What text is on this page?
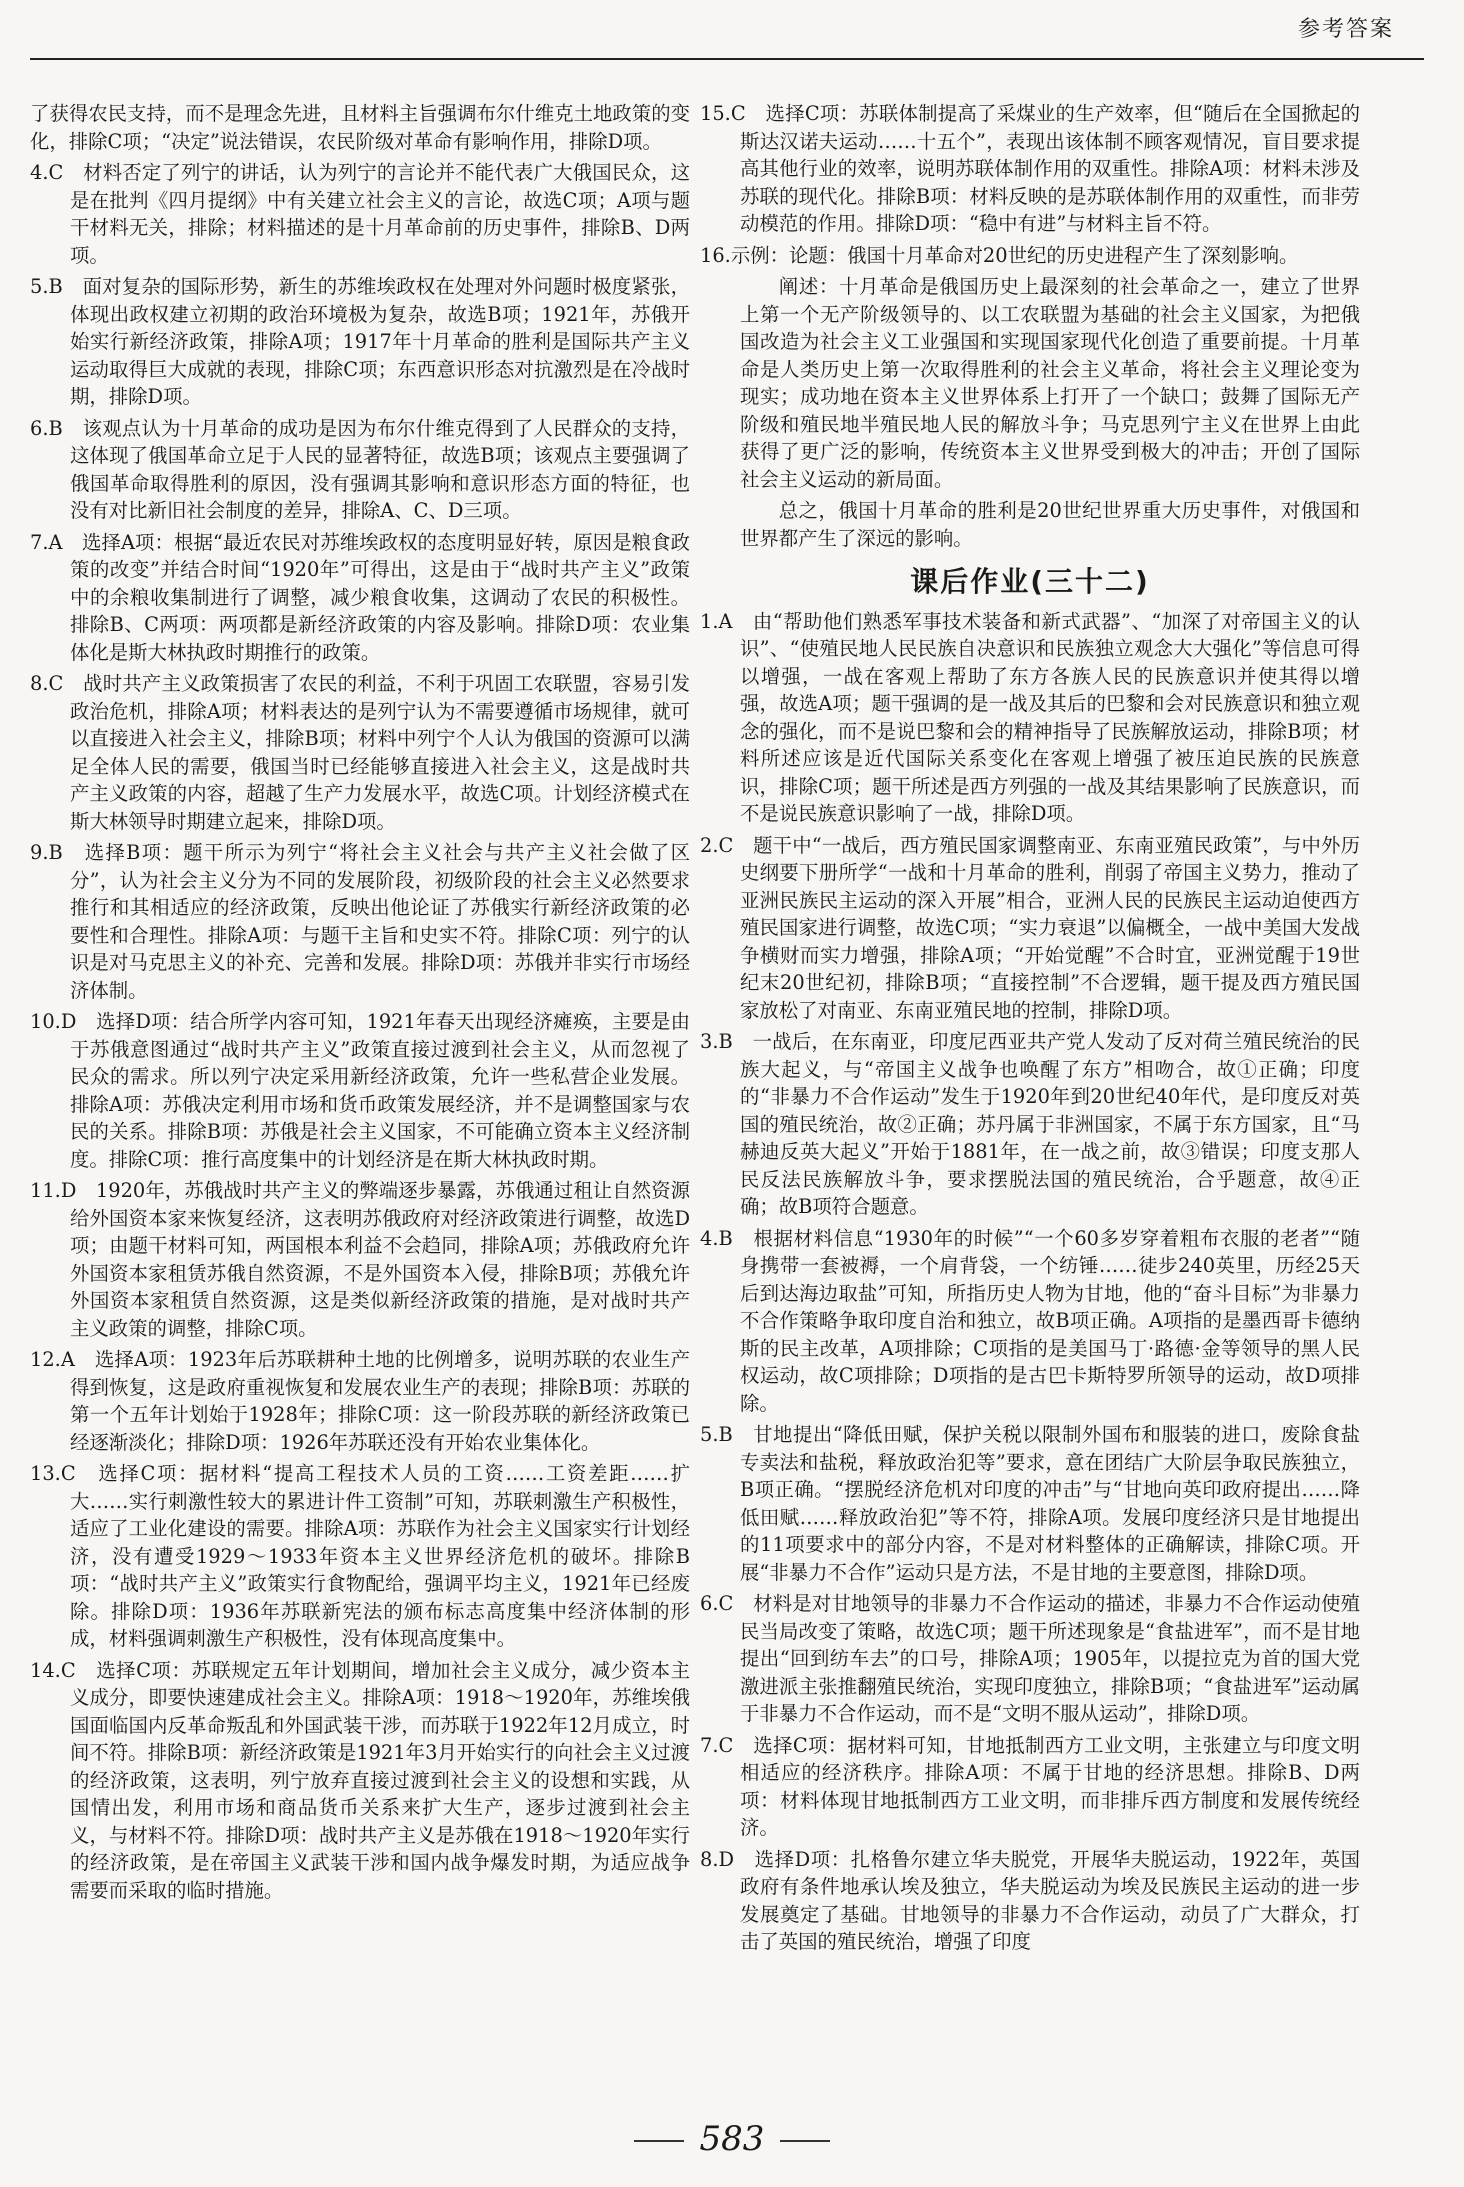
参考答案
了获得农民支持，而不是理念先进，且材料主旨强调布尔什维克土地政策的变化，排除C项；“决定”说法错误，农民阶级对革命有影响作用，排除D项。
4.C　材料否定了列宁的讲话，认为列宁的言论并不能代表广大俄国民众，这是在批判《四月提纲》中有关建立社会主义的言论，故选C项；A项与题干材料无关，排除；材料描述的是十月革命前的历史事件，排除B、D两项。
5.B　面对复杂的国际形势，新生的苏维埃政权在处理对外问题时极度紧张，体现出政权建立初期的政治环境极为复杂，故选B项；1921年，苏俄开始实行新经济政策，排除A项；1917年十月革命的胜利是国际共产主义运动取得巨大成就的表现，排除C项；东西意识形态对抗激烈是在冷战时期，排除D项。
6.B　该观点认为十月革命的成功是因为布尔什维克得到了人民群众的支持，这体现了俄国革命立足于人民的显著特征，故选B项；该观点主要强调了俄国革命取得胜利的原因，没有强调其影响和意识形态方面的特征，也没有对比新旧社会制度的差异，排除A、C、D三项。
7.A　选择A项：根据“最近农民对苏维埃政权的态度明显好转，原因是粮食政策的改变”并结合时间“1920年”可得出，这是由于“战时共产主义”政策中的余粮收集制进行了调整，减少粮食收集，这调动了农民的积极性。排除B、C两项：两项都是新经济政策的内容及影响。排除D项：农业集体化是斯大林执政时期推行的政策。
8.C　战时共产主义政策损害了农民的利益，不利于巩固工农联盟，容易引发政治危机，排除A项；材料表达的是列宁认为不需要遵循市场规律，就可以直接进入社会主义，排除B项；材料中列宁个人认为俄国的资源可以满足全体人民的需要，俄国当时已经能够直接进入社会主义，这是战时共产主义政策的内容，超越了生产力发展水平，故选C项。计划经济模式在斯大林领导时期建立起来，排除D项。
9.B　选择B项：题干所示为列宁“将社会主义社会与共产主义社会做了区分”，认为社会主义分为不同的发展阶段，初级阶段的社会主义必然要求推行和其相适应的经济政策，反映出他论证了苏俄实行新经济政策的必要性和合理性。排除A项：与题干主旨和史实不符。排除C项：列宁的认识是对马克思主义的补充、完善和发展。排除D项：苏俄并非实行市场经济体制。
10.D　选择D项：结合所学内容可知，1921年春天出现经济瘫痪，主要是由于苏俄意图通过“战时共产主义”政策直接过渡到社会主义，从而忽视了民众的需求。所以列宁决定采用新经济政策，允许一些私营企业发展。排除A项：苏俄决定利用市场和货币政策发展经济，并不是调整国家与农民的关系。排除B项：苏俄是社会主义国家，不可能确立资本主义经济制度。排除C项：推行高度集中的计划经济是在斯大林执政时期。
11.D　1920年，苏俄战时共产主义的弊端逐步暴露，苏俄通过租让自然资源给外国资本家来恢复经济，这表明苏俄政府对经济政策进行调整，故选D项；由题干材料可知，两国根本利益不会趋同，排除A项；苏俄政府允许外国资本家租赁苏俄自然资源，不是外国资本入侵，排除B项；苏俄允许外国资本家租赁自然资源，这是类似新经济政策的措施，是对战时共产主义政策的调整，排除C项。
12.A　选择A项：1923年后苏联耕种土地的比例增多，说明苏联的农业生产得到恢复，这是政府重视恢复和发展农业生产的表现；排除B项：苏联的第一个五年计划始于1928年；排除C项：这一阶段苏联的新经济政策已经逐渐淡化；排除D项：1926年苏联还没有开始农业集体化。
13.C　选择C项：据材料“提高工程技术人员的工资……工资差距……扩大……实行刺激性较大的累进计件工资制”可知，苏联刺激生产积极性，适应了工业化建设的需要。排除A项：苏联作为社会主义国家实行计划经济，没有遭受1929～1933年资本主义世界经济危机的破坏。排除B项：“战时共产主义”政策实行食物配给，强调平均主义，1921年已经废除。排除D项：1936年苏联新宪法的颁布标志高度集中经济体制的形成，材料强调刺激生产积极性，没有体现高度集中。
14.C　选择C项：苏联规定五年计划期间，增加社会主义成分，减少资本主义成分，即要快速建成社会主义。排除A项：1918～1920年，苏维埃俄国面临国内反革命叛乱和外国武装干涉，而苏联于1922年12月成立，时间不符。排除B项：新经济政策是1921年3月开始实行的向社会主义过渡的经济政策，这表明，列宁放弃直接过渡到社会主义的设想和实践，从国情出发，利用市场和商品货币关系来扩大生产，逐步过渡到社会主义，与材料不符。排除D项：战时共产主义是苏俄在1918～1920年实行的经济政策，是在帝国主义武装干涉和国内战争爆发时期，为适应战争需要而采取的临时措施。
15.C　选择C项：苏联体制提高了采煤业的生产效率，但“随后在全国掀起的斯达汉诺夫运动……十五个”，表现出该体制不顾客观情况，盲目要求提高其他行业的效率，说明苏联体制作用的双重性。排除A项：材料未涉及苏联的现代化。排除B项：材料反映的是苏联体制作用的双重性，而非劳动模范的作用。排除D项：“稳中有进”与材料主旨不符。
16.示例：论题：俄国十月革命对20世纪的历史进程产生了深刻影响。
阐述：十月革命是俄国历史上最深刻的社会革命之一，建立了世界上第一个无产阶级领导的、以工农联盟为基础的社会主义国家，为把俄国改造为社会主义工业强国和实现国家现代化创造了重要前提。十月革命是人类历史上第一次取得胜利的社会主义革命，将社会主义理论变为现实；成功地在资本主义世界体系上打开了一个缺口；鼓舞了国际无产阶级和殖民地半殖民地人民的解放斗争；马克思列宁主义在世界上由此获得了更广泛的影响，传统资本主义世界受到极大的冲击；开创了国际社会主义运动的新局面。
总之，俄国十月革命的胜利是20世纪世界重大历史事件，对俄国和世界都产生了深远的影响。
课后作业(三十二)
1.A　由“帮助他们熟悉军事技术装备和新式武器”、“加深了对帝国主义的认识”、“使殖民地人民民族自决意识和民族独立观念大大强化”等信息可得以增强，一战在客观上帮助了东方各族人民的民族意识并使其得以增强，故选A项；题干强调的是一战及其后的巴黎和会对民族意识和独立观念的强化，而不是说巴黎和会的精神指导了民族解放运动，排除B项；材料所述应该是近代国际关系变化在客观上增强了被压迫民族的民族意识，排除C项；题干所述是西方列强的一战及其结果影响了民族意识，而不是说民族意识影响了一战，排除D项。
2.C　题干中“一战后，西方殖民国家调整南亚、东南亚殖民政策”，与中外历史纲要下册所学“一战和十月革命的胜利，削弱了帝国主义势力，推动了亚洲民族民主运动的深入开展”相合，亚洲人民的民族民主运动迫使西方殖民国家进行调整，故选C项；“实力衰退”以偏概全，一战中美国大发战争横财而实力增强，排除A项；“开始觉醒”不合时宜，亚洲觉醒于19世纪末20世纪初，排除B项；“直接控制”不合逻辑，题干提及西方殖民国家放松了对南亚、东南亚殖民地的控制，排除D项。
3.B　一战后，在东南亚，印度尼西亚共产党人发动了反对荷兰殖民统治的民族大起义，与“帝国主义战争也唤醒了东方”相吻合，故①正确；印度的“非暴力不合作运动”发生于1920年到20世纪40年代，是印度反对英国的殖民统治，故②正确；苏丹属于非洲国家，不属于东方国家，且“马赫迪反英大起义”开始于1881年，在一战之前，故③错误；印度支那人民反法民族解放斗争，要求摆脱法国的殖民统治，合乎题意，故④正确；故B项符合题意。
4.B　根据材料信息“1930年的时候”“一个60多岁穿着粗布衣服的老者”“随身携带一套被褥，一个肩背袋，一个纺锤……徒步240英里，历经25天后到达海边取盐”可知，所指历史人物为甘地，他的“奋斗目标”为非暴力不合作策略争取印度自治和独立，故B项正确。A项指的是墨西哥卡德纳斯的民主改革，A项排除；C项指的是美国马丁·路德·金等领导的黑人民权运动，故C项排除；D项指的是古巴卡斯特罗所领导的运动，故D项排除。
5.B　甘地提出“降低田赋，保护关税以限制外国布和服装的进口，废除食盐专卖法和盐税，释放政治犯等”要求，意在团结广大阶层争取民族独立，B项正确。“摆脱经济危机对印度的冲击”与“甘地向英印政府提出……降低田赋……释放政治犯”等不符，排除A项。发展印度经济只是甘地提出的11项要求中的部分内容，不是对材料整体的正确解读，排除C项。开展“非暴力不合作”运动只是方法，不是甘地的主要意图，排除D项。
6.C　材料是对甘地领导的非暴力不合作运动的描述，非暴力不合作运动使殖民当局改变了策略，故选C项；题干所述现象是“食盐进军”，而不是甘地提出“回到纺车去”的口号，排除A项；1905年，以提拉克为首的国大党激进派主张推翻殖民统治，实现印度独立，排除B项；“食盐进军”运动属于非暴力不合作运动，而不是“文明不服从运动”，排除D项。
7.C　选择C项：据材料可知，甘地抵制西方工业文明，主张建立与印度文明相适应的经济秩序。排除A项：不属于甘地的经济思想。排除B、D两项：材料体现甘地抵制西方工业文明，而非排斥西方制度和发展传统经济。
8.D　选择D项：扎格鲁尔建立华夫脱党，开展华夫脱运动，1922年，英国政府有条件地承认埃及独立，华夫脱运动为埃及民族民主运动的进一步发展奠定了基础。甘地领导的非暴力不合作运动，动员了广大群众，打击了英国的殖民统治，增强了印度
583
